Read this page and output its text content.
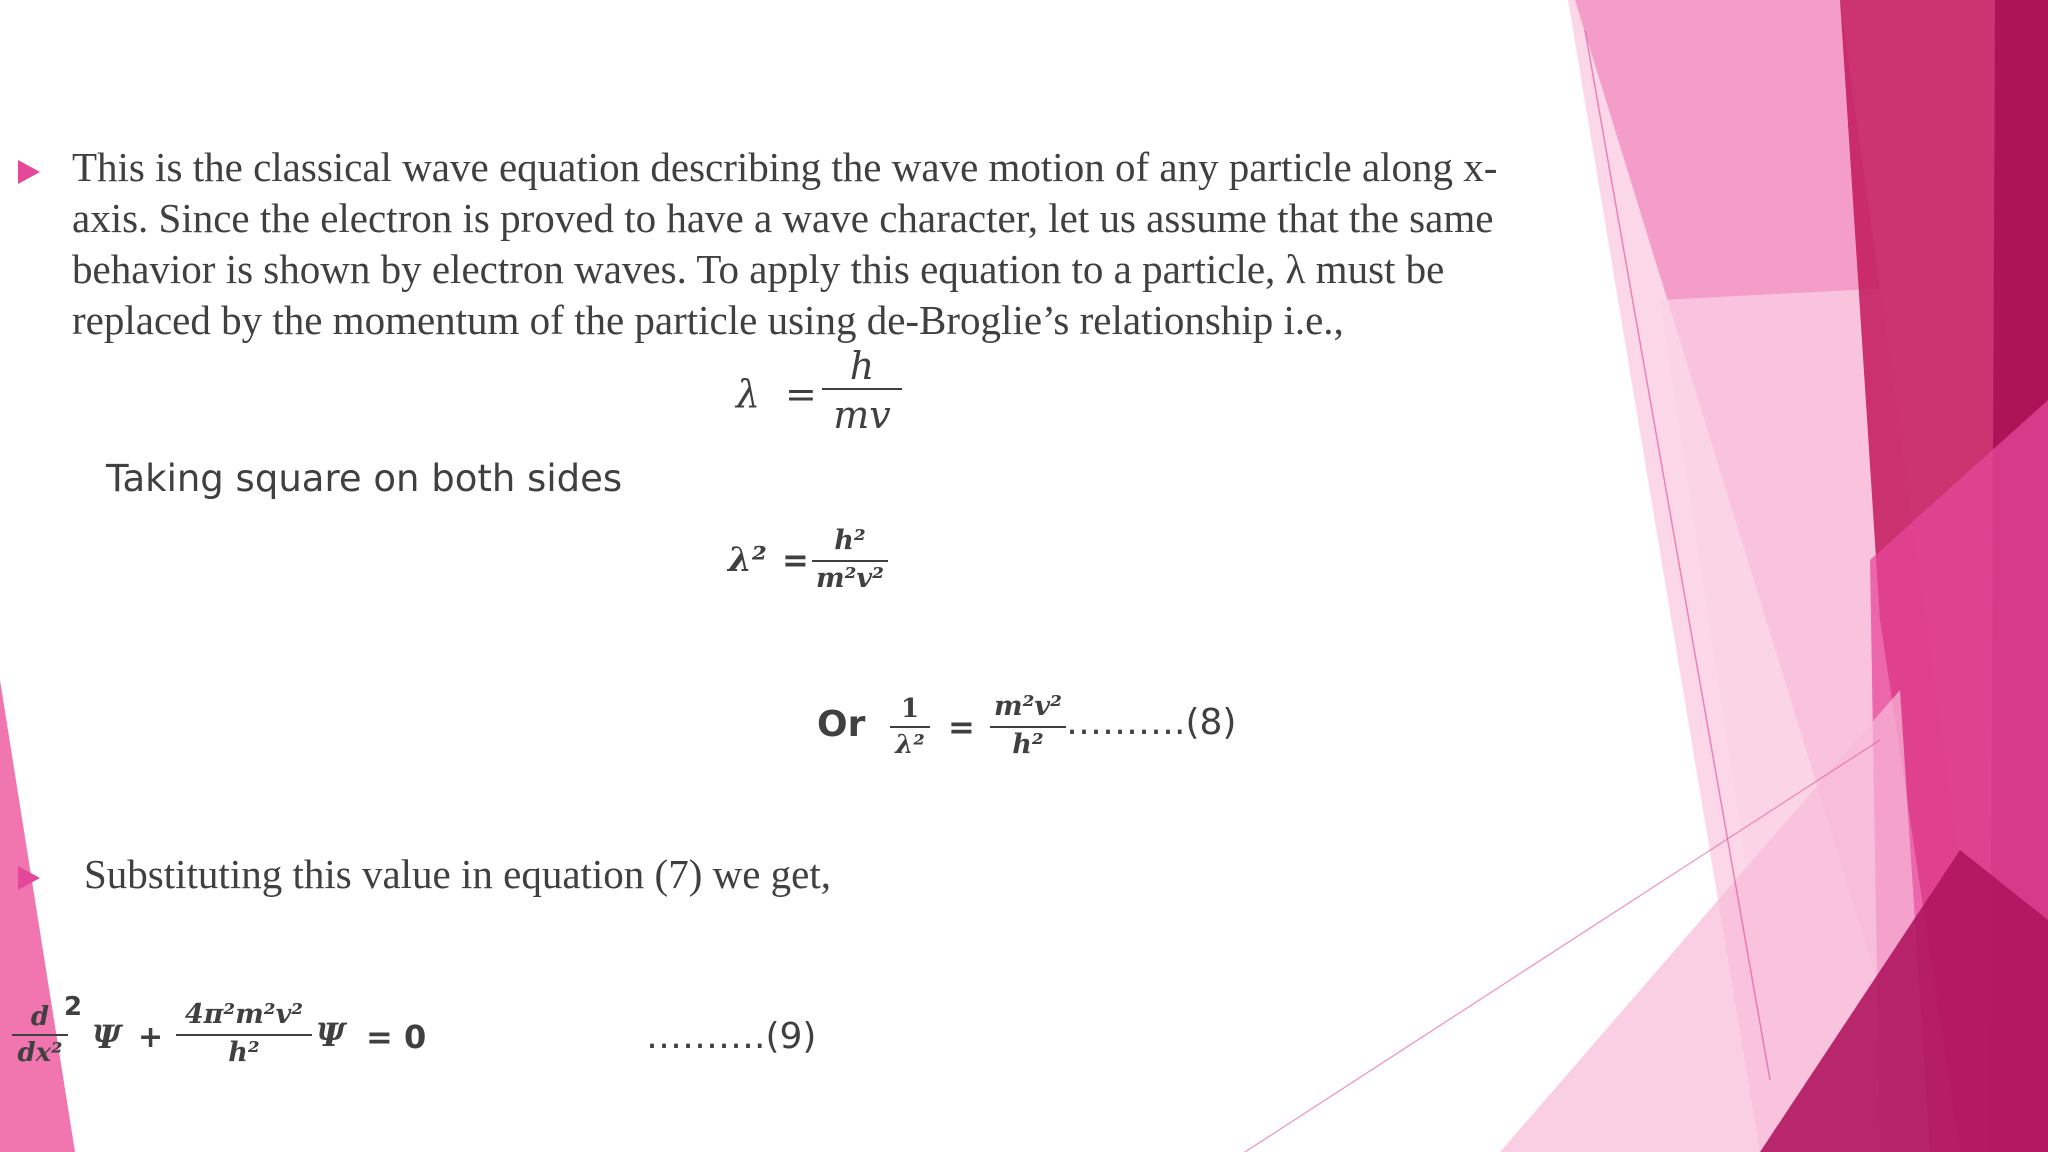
This is the classical wave equation describing the wave motion of any particle along x-
axis. Since the electron is proved to have a wave character, let us assume that the same
behavior is shown by electron waves. To apply this equation to a particle, λ must be
replaced by the momentum of the particle using de-Broglie’s relationship i.e.,
λ =
h
mv
Taking square on both sides
λ² =
h²
m²v²
Or	1
λ² =
m²v²
h²
……….(8)
Substituting this value in equation (7) we get,
d
dx²
2
Ψ +
4π²m²v²
h²	Ψ = 0	……….(9)
